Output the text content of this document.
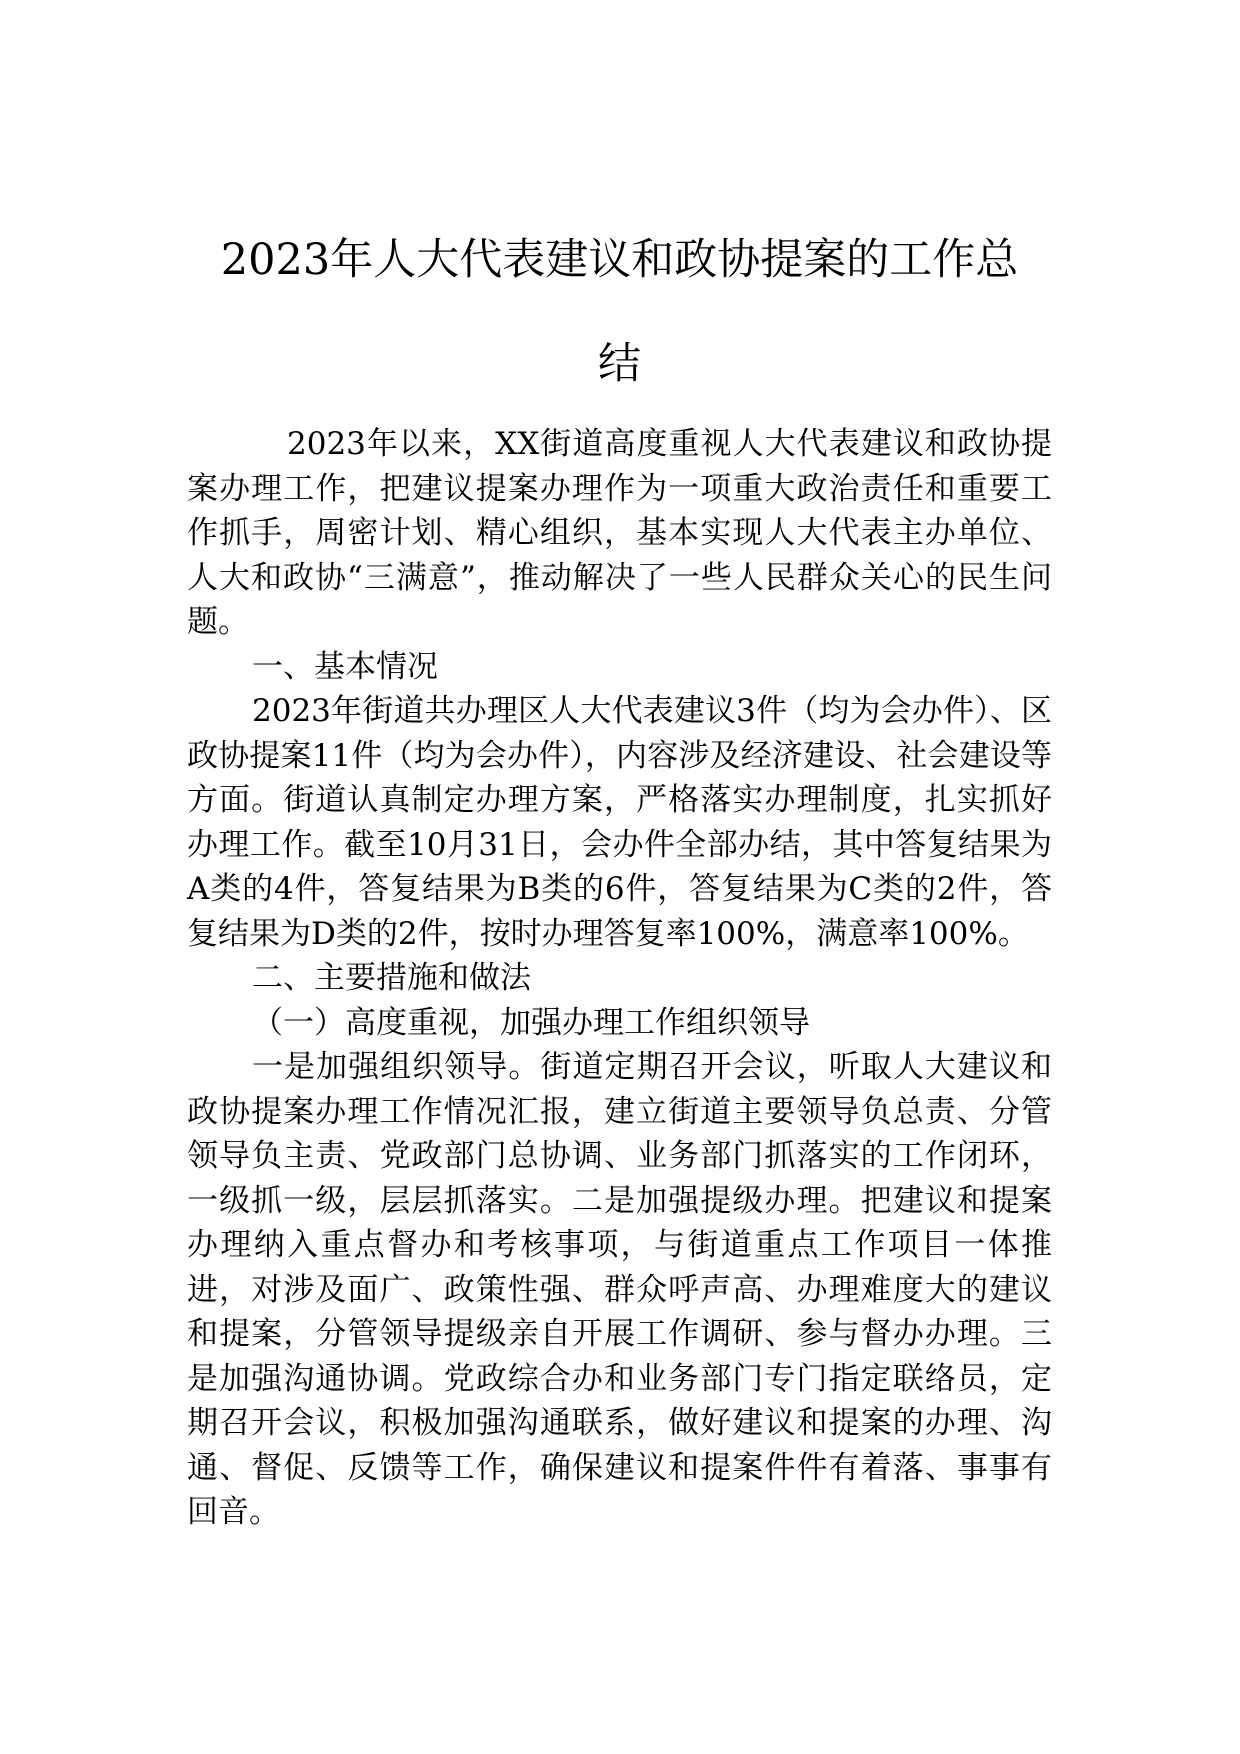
2023年人大代表建议和政协提案的工作总
结

2023年以来，XX街道高度重视人大代表建议和政协提案办理工作，把建议提案办理作为一项重大政治责任和重要工作抓手，周密计划、精心组织，基本实现人大代表主办单位、人大和政协“三满意”，推动解决了一些人民群众关心的民生问题。

一、基本情况

2023年街道共办理区人大代表建议3件（均为会办件）、区政协提案11件（均为会办件），内容涉及经济建设、社会建设等方面。街道认真制定办理方案，严格落实办理制度，扎实抓好办理工作。截至10月31日，会办件全部办结，其中答复结果为A类的4件，答复结果为B类的6件，答复结果为C类的2件，答复结果为D类的2件，按时办理答复率100%，满意率100%。

二、主要措施和做法

（一）高度重视，加强办理工作组织领导

一是加强组织领导。街道定期召开会议，听取人大建议和政协提案办理工作情况汇报，建立街道主要领导负总责、分管领导负主责、党政部门总协调、业务部门抓落实的工作闭环，一级抓一级，层层抓落实。二是加强提级办理。把建议和提案办理纳入重点督办和考核事项，与街道重点工作项目一体推进，对涉及面广、政策性强、群众呼声高、办理难度大的建议和提案，分管领导提级亲自开展工作调研、参与督办办理。三是加强沟通协调。党政综合办和业务部门专门指定联络员，定期召开会议，积极加强沟通联系，做好建议和提案的办理、沟通、督促、反馈等工作，确保建议和提案件件有着落、事事有回音。
